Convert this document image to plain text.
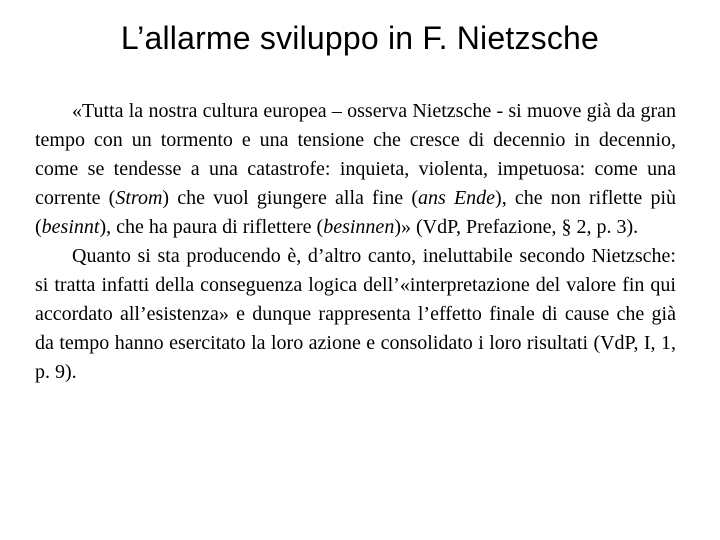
L’allarme sviluppo in F. Nietzsche

«Tutta la nostra cultura europea – osserva Nietzsche - si muove già da gran tempo con un tormento e una tensione che cresce di decennio in decennio, come se tendesse a una catastrofe: inquieta, violenta, impetuosa: come una corrente (Strom) che vuol giungere alla fine (ans Ende), che non riflette più (besinnt), che ha paura di riflettere (besinnen)» (VdP, Prefazione, § 2, p. 3).

Quanto si sta producendo è, d’altro canto, ineluttabile secondo Nietzsche: si tratta infatti della conseguenza logica dell’«interpretazione del valore fin qui accordato all’esistenza» e dunque rappresenta l’effetto finale di cause che già da tempo hanno esercitato la loro azione e consolidato i loro risultati (VdP, I, 1, p. 9).
